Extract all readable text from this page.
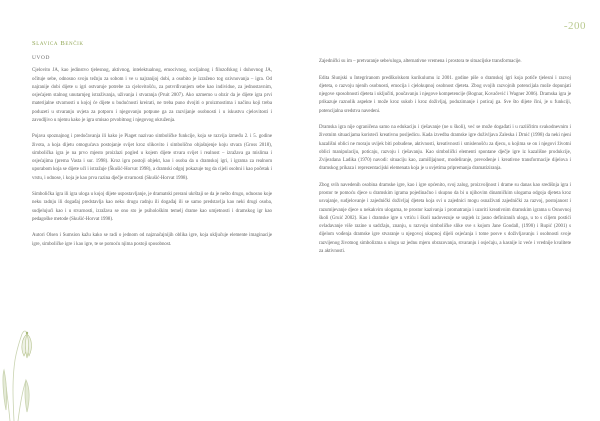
-200
Slavica Benčik
UVOD

Cjelovito JA, kao jedinstvo tjelesnog, aktivnog, intelektualnog, emocivnog, socijalnog i filozofskog i duhovnog JA, očituje sebe, odnosno svoju težnju za sobom i ve u najranijoj dobi, a osobito je izraženo tog ozivnovanja – igra. Od najranije dobi dijete u igri ostvaruje potrebe za cjelovitošću, za potvrđivanjem sebe kao individue, za jednostavnim, osjećajem stalnog unutarnjeg istraživanja, uživanja i stvaranja (Pruit 2007). Ako uzmemo u obzir da je dijete igra prvi materijalne stvarnosti u kojoj će dijete u budućnosti kreirati, ne treba puno dvojiti o proizmostima i načinu koji treba poduzeti u stvaranju uvjeta za potporu i njegovanju potpune ga za razvijanje osobnosti i u iskustvu cjelovitosti i zavodljivo u njemu kako je igra smisao prvobitnog i njegovog okruženja.

Pojava spoznajnog i predočavanja ili kako je Piaget nazivao simboličke funkcije, koja se razvija između 2. i 5. godine života, a koja dijetu omogućava postojanje svijet kroz slikovito i simbolično objašnjenje koju stvara (Gross 2018), simbolička igra je na prvo mjesto proizlazi pogled u kojem dijete stvara svijet i realnost – izražava ga mislima i osjećajima (prema Vasta i sur. 1998). Kroz igru postoji objekt, kao i osoba da u dramskoj igri, i igrama za realnom uporabom koja se dijete uči i istražuje (Škušić-Horvat 1998), a dramski odgoj pokazuje tog da cijeli osobni i kao početak i vrstu, i odnose, i koja je kao prva razina dječje stvarnosti (Skušić-Horvat 1998).

Simbolička igra ili igra uloga u kojoj dijete uspostavljanje, je dramatski prerani ukrštaji se da je nešto drugo, odnosno koje neku radnju ili događaj predstavlja kao neku drugu radnju ili događaj ili se samo predstavlja kao neki drugi osoba, sudjelujući kao i u stvarnosti, izražava se ono sto je psihološkim temelj drame kao umjetnosti i dramskog igr kao pedagoške metode (Skušić-Horvat 1998).

Autori Olsen i Sumsion kažu kako se radi o jednom od najznačajnijih oblika igre, koja uključuje elemente imaginacije igre, simboličke igre i kao igre, te se pomoću njima postoji sposobnost.

Zajednički su im – pretvaranje sebe/uloga, alternativne vremena i prostora te situacijske transformacije.

Edita Slunjski u Integriranom predškolskom kurikulumu iz 2001. godine piše o dramskoj igri koja potiče tjelesni i razvoj djeteta, o razvoju njenih osobnosti, emocija i cjelokupnoj osobnost djeteta. Zbog svojih razvojnih potencijala može dopunjati njegove sposobnosti djeteta i uključiti, poučavanju i njegove kompetencije (Bognar, Kovačević i Wagner 2006). Dramska igra je prikazuje raznolik aspekte i može kroz sukob i kroz doživljaj, poduzimanje i poticaj ga. Sve što dijete čini, je u funkciji, potencijalna sredstva navedeni.

Dramska igra nije ograničena samo na edukaciju i rješavanje (ne u školi), već se može događati i u različitim svakodnevnim i životnim situacijama koristeći kreativnu posljedicu. Kada izvedba dramske igre doživljava Zaleska i Drnić (1998) da neki njeni kazališni oblici ne moraju uvijek biti pobuđene, aktivnosti, kreativnosti i smislenošću za djecu, u kojima se on i njegovi životni oblici manipulaciju, poticaju, razvoju i rješavanju. Kao simbolički elementi spontane dječje igre iz kazališne produkcije, Zvijezdana Ladika (1970) navodi: situaciju kao, zamišljajnost, modeliranje, prevođenje i kreativne transformacije dijelova i dramskog prikaza i reprezentacijski elemenata koja je u uvjetima pripremanja dramatiziranja.

Zbog svih navedenih osobina dramske igre, kao i igre općenito, svoj zalog, proizvoljnost i drame su danas kao središnja igra i prostor te pomoću djece u dramskim igrama pojedinačno i skupno da bi u njihovim dinamičkim ulogama odgoja djeteta kroz usvajanje, sudjelovanje i zajednički doživljaj djeteta koja svi u zajednici mogu osnaživati zajednički za razvoj, postojanost i razumijevanje djece u nekakvim ulogama, te prostor kazivanja i promatranja i uzoriti kreativnim dramskim igrama u Osnovnoj školi (Gruić 2002). Kao i dramske igre u vrtiću i školi nadovezuje se uspjeh iz jasno definiranih uloga, u to s ciljem postići ovladavanje više razine u sadržaju, znanju, u razvoju simboličke slike sve s kojom Jane Goodall, (1990) i Rupić (2001) s dijelom vođenja dramske igre stvaranje u njegovoj ukupnoj dijeli osjećanja i tome posve s doživljavanju i osobnosti svoje razvijenog životnog simbolizma u ulogu uz jednu mjeru obrazovanja, stvaranju i osjećaju, a kasnije iz veće i vrednije kvalitete za aktivnosti.
